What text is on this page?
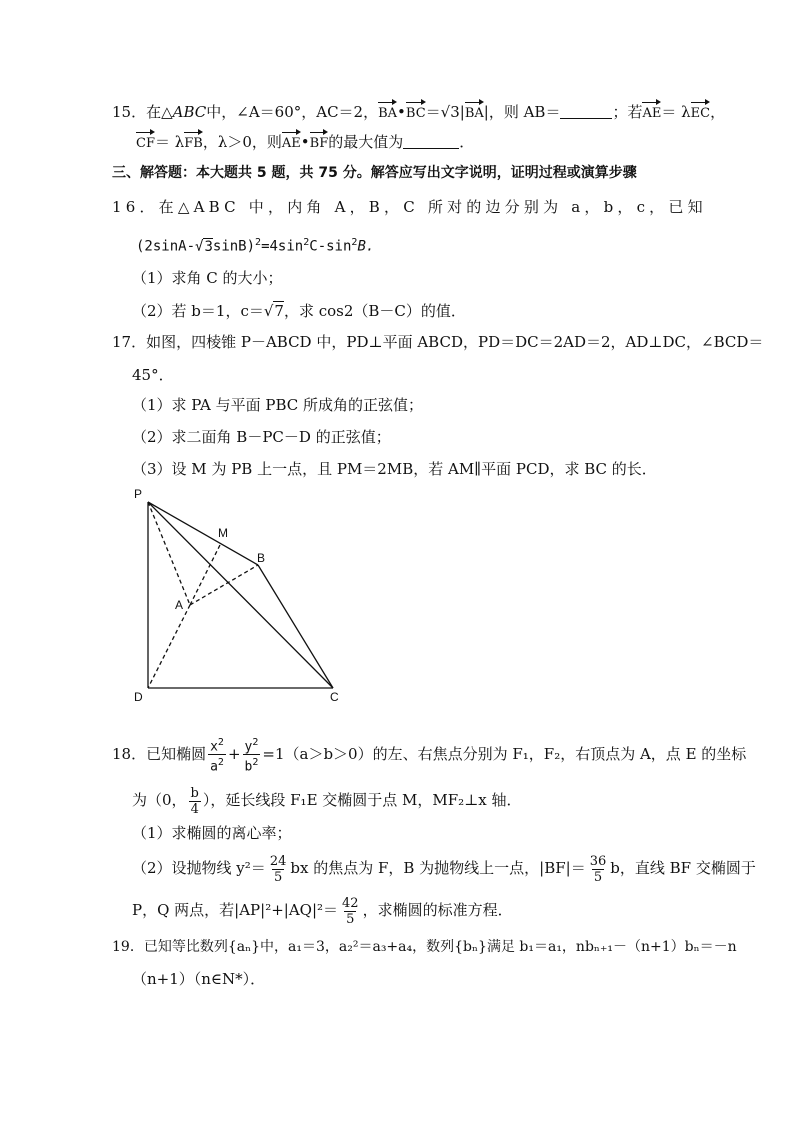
15．在△ABC中，∠A＝60°，AC＝2，BA•BC＝√3|BA|，则 AB＝	；若AE＝ λEC，
CF＝ λFB，λ＞0，则AE•BF的最大值为	．
三、解答题：本大题共 5 题，共 75 分。解答应写出文字说明，证明过程或演算步骤
16．在△ABC 中，内角 A，B，C 所对的边分别为 a，b，c，已知
$(2\sin A-√3\sin B)^2=4\sin^2C-\sin^2B$.
（1）求角 C 的大小；
（2）若 b＝1，c＝√7，求 cos2（B－C）的值．
17．如图，四棱锥 P－ABCD 中，PD⊥平面 ABCD，PD＝DC＝2AD＝2，AD⊥DC，∠BCD＝
45°．
（1）求 PA 与平面 PBC 所成角的正弦值；
（2）求二面角 B－PC－D 的正弦值；
（3）设 M 为 PB 上一点，且 PM＝2MB，若 AM∥平面 PCD，求 BC 的长．
P
M
B
A
D	C
18．已知椭圆 $\frac{x^2}{a^2} + \frac{y^2}{b^2} =1(a>b>0)$的左、右焦点分别为 F₁，F₂，右顶点为 A，点 E 的坐标
为（0， $\frac{b}{4}$ ），延长线段 F₁E 交椭圆于点 M，MF₂⊥x 轴．
（1）求椭圆的离心率；
（2）设抛物线 $y^2= \frac{24}{5}$ bx 的焦点为 F，B 为抛物线上一点，$|BF|= \frac{36}{5}$ b，直线 BF 交椭圆于
P，Q 两点，若$|AP|^2+|AQ|^2= \frac{42}{5}$ ，求椭圆的标准方程．
19．已知等比数列{aₙ}中，a₁＝3，a₂²＝a₃+a₄，数列{bₙ}满足 b₁＝a₁，nbₙ₊₁－（n+1）bₙ＝－n
（n+1）（n∈N*）．
